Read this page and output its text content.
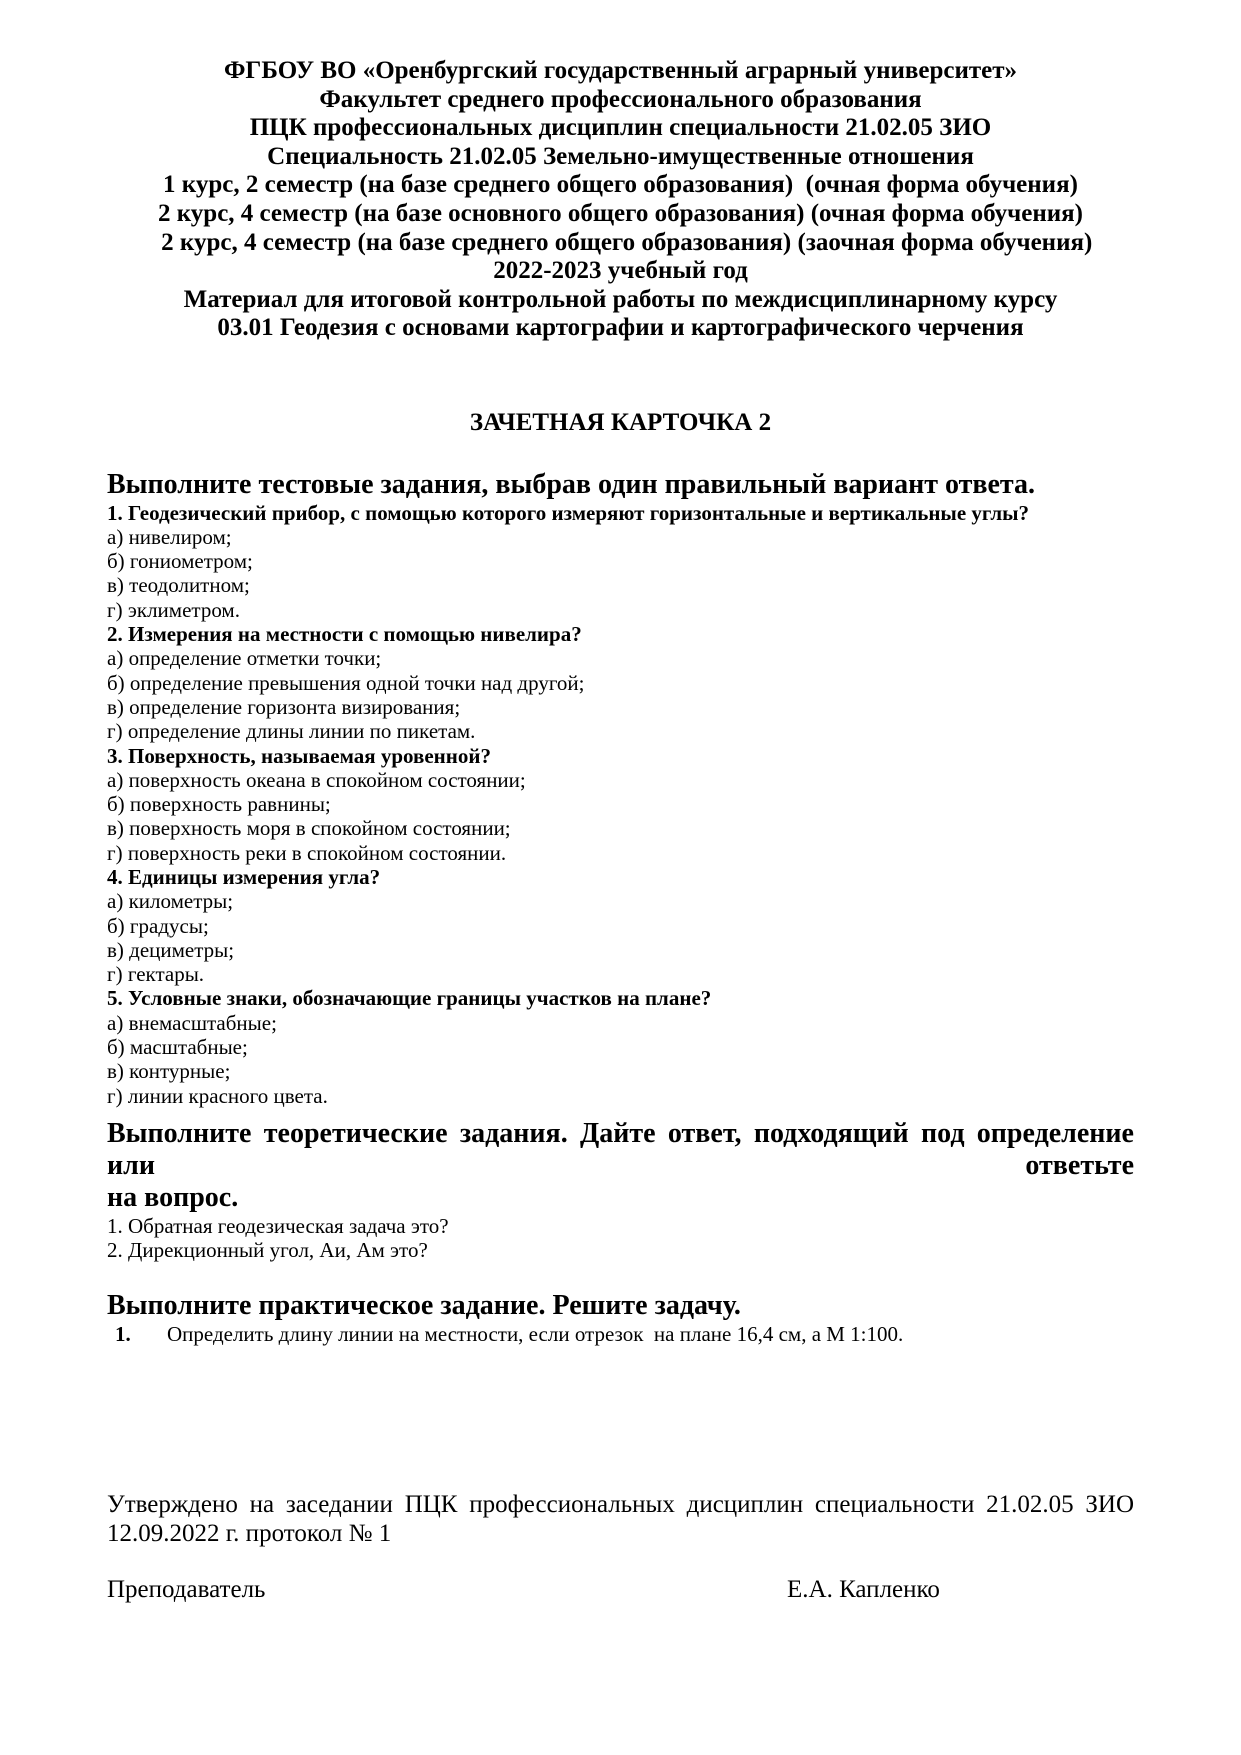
ФГБОУ ВО «Оренбургский государственный аграрный университет»
Факультет среднего профессионального образования
ПЦК профессиональных дисциплин специальности 21.02.05 ЗИО
Специальность 21.02.05 Земельно-имущественные отношения
1 курс, 2 семестр (на базе среднего общего образования)  (очная форма обучения)
2 курс, 4 семестр (на базе основного общего образования) (очная форма обучения)
2 курс, 4 семестр (на базе среднего общего образования) (заочная форма обучения)
2022-2023 учебный год
Материал для итоговой контрольной работы по междисциплинарному курсу
03.01 Геодезия с основами картографии и картографического черчения
ЗАЧЕТНАЯ КАРТОЧКА 2
Выполните тестовые задания, выбрав один правильный вариант ответа.
1. Геодезический прибор, с помощью которого измеряют горизонтальные и вертикальные углы?
а) нивелиром;
б) гониометром;
в) теодолитном;
г) эклиметром.
2. Измерения на местности с помощью нивелира?
а) определение отметки точки;
б) определение превышения одной точки над другой;
в) определение горизонта визирования;
г) определение длины линии по пикетам.
3. Поверхность, называемая уровенной?
а) поверхность океана в спокойном состоянии;
б) поверхность равнины;
в) поверхность моря в спокойном состоянии;
г) поверхность реки в спокойном состоянии.
4. Единицы измерения угла?
а) километры;
б) градусы;
в) дециметры;
г) гектары.
5. Условные знаки, обозначающие границы участков на плане?
а) внемасштабные;
б) масштабные;
в) контурные;
г) линии красного цвета.
Выполните теоретические задания. Дайте ответ, подходящий под определение или ответьте
на вопрос.
1. Обратная геодезическая задача это?
2. Дирекционный угол, Аи, Ам это?
Выполните практическое задание. Решите задачу.
1. Определить длину линии на местности, если отрезок  на плане 16,4 см, а М 1:100.
Утверждено на заседании ПЦК профессиональных дисциплин специальности 21.02.05 ЗИО
12.09.2022 г. протокол № 1
Преподаватель	Е.А. Капленко
